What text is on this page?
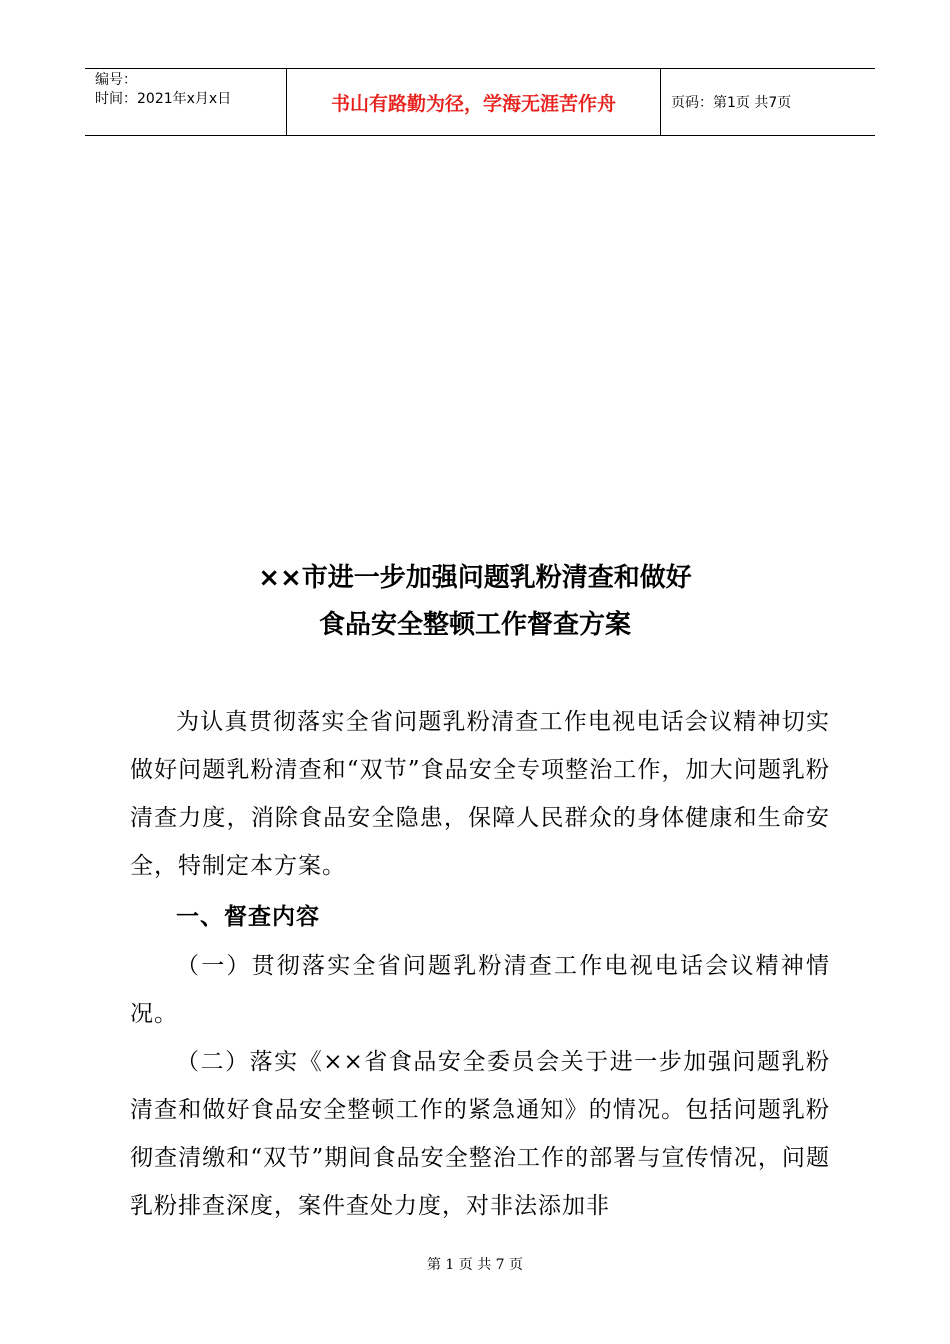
编号：
时间：2021年x月x日	书山有路勤为径，学海无涯苦作舟	页码：第1页 共7页
××市进一步加强问题乳粉清查和做好
食品安全整顿工作督查方案
为认真贯彻落实全省问题乳粉清查工作电视电话会议精神切实做好问题乳粉清查和“双节”食品安全专项整治工作，加大问题乳粉清查力度，消除食品安全隐患，保障人民群众的身体健康和生命安全，特制定本方案。
一、督查内容
（一）贯彻落实全省问题乳粉清查工作电视电话会议精神情况。
（二）落实《××省食品安全委员会关于进一步加强问题乳粉清查和做好食品安全整顿工作的紧急通知》的情况。包括问题乳粉彻查清缴和“双节”期间食品安全整治工作的部署与宣传情况，问题乳粉排查深度，案件查处力度，对非法添加非
第 1 页 共 7 页
